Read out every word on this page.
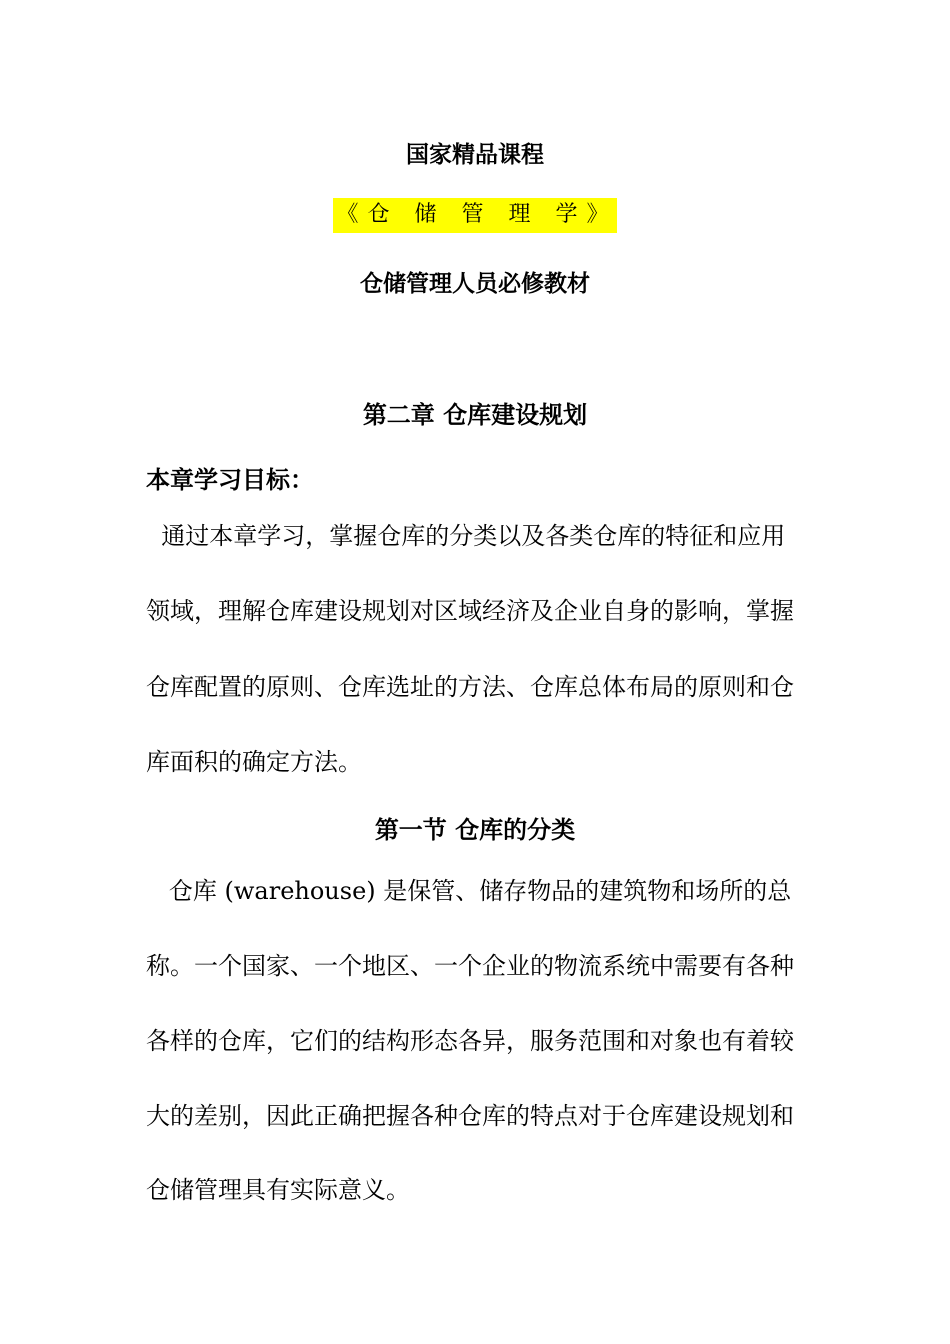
国家精品课程
《仓 储 管 理 学》
仓储管理人员必修教材
第二章 仓库建设规划
本章学习目标：
通过本章学习，掌握仓库的分类以及各类仓库的特征和应用
领域，理解仓库建设规划对区域经济及企业自身的影响，掌握
仓库配置的原则、仓库选址的方法、仓库总体布局的原则和仓
库面积的确定方法。
第一节 仓库的分类
仓库 (warehouse) 是保管、储存物品的建筑物和场所的总
称。一个国家、一个地区、一个企业的物流系统中需要有各种
各样的仓库，它们的结构形态各异，服务范围和对象也有着较
大的差别，因此正确把握各种仓库的特点对于仓库建设规划和
仓储管理具有实际意义。
